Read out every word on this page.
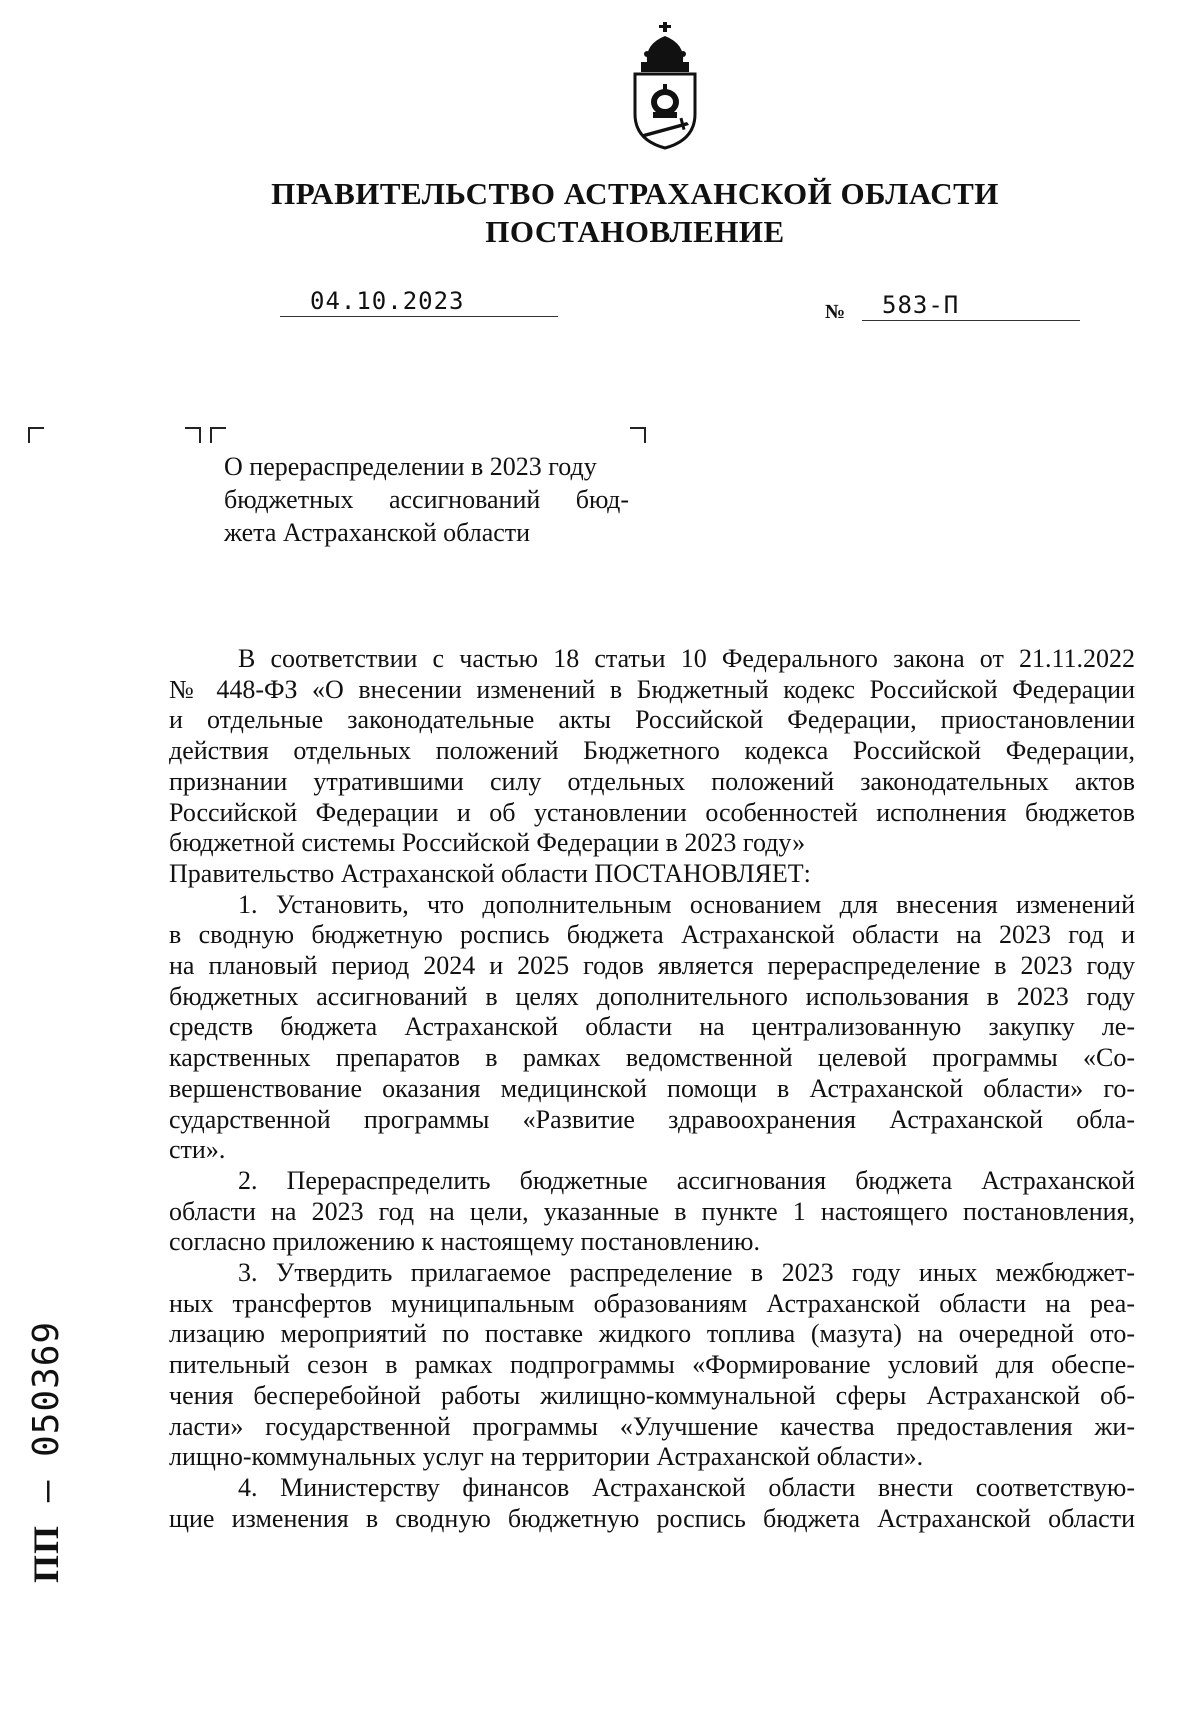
ПРАВИТЕЛЬСТВО АСТРАХАНСКОЙ ОБЛАСТИ
ПОСТАНОВЛЕНИЕ
04.10.2023	№	583-П
О перераспределении в 2023 году
бюджетных ассигнований бюд-
жета Астраханской области
В соответствии с частью 18 статьи 10 Федерального закона от 21.11.2022
№ 448-ФЗ «О внесении изменений в Бюджетный кодекс Российской Федерации
и отдельные законодательные акты Российской Федерации, приостановлении
действия отдельных положений Бюджетного кодекса Российской Федерации,
признании утратившими силу отдельных положений законодательных актов
Российской Федерации и об установлении особенностей исполнения бюджетов
бюджетной системы Российской Федерации в 2023 году»
Правительство Астраханской области ПОСТАНОВЛЯЕТ:
1. Установить, что дополнительным основанием для внесения изменений
в сводную бюджетную роспись бюджета Астраханской области на 2023 год и
на плановый период 2024 и 2025 годов является перераспределение в 2023 году
бюджетных ассигнований в целях дополнительного использования в 2023 году
средств бюджета Астраханской области на централизованную закупку ле-
карственных препаратов в рамках ведомственной целевой программы «Со-
вершенствование оказания медицинской помощи в Астраханской области» го-
сударственной программы «Развитие здравоохранения Астраханской обла-
сти».
2. Перераспределить бюджетные ассигнования бюджета Астраханской
области на 2023 год на цели, указанные в пункте 1 настоящего постановления,
согласно приложению к настоящему постановлению.
3. Утвердить прилагаемое распределение в 2023 году иных межбюджет-
ных трансфертов муниципальным образованиям Астраханской области на реа-
лизацию мероприятий по поставке жидкого топлива (мазута) на очередной ото-
пительный сезон в рамках подпрограммы «Формирование условий для обеспе-
чения бесперебойной работы жилищно-коммунальной сферы Астраханской об-
ласти» государственной программы «Улучшение качества предоставления жи-
лищно-коммунальных услуг на территории Астраханской области».
4. Министерству финансов Астраханской области внести соответствую-
щие изменения в сводную бюджетную роспись бюджета Астраханской области
ПП – 050369
